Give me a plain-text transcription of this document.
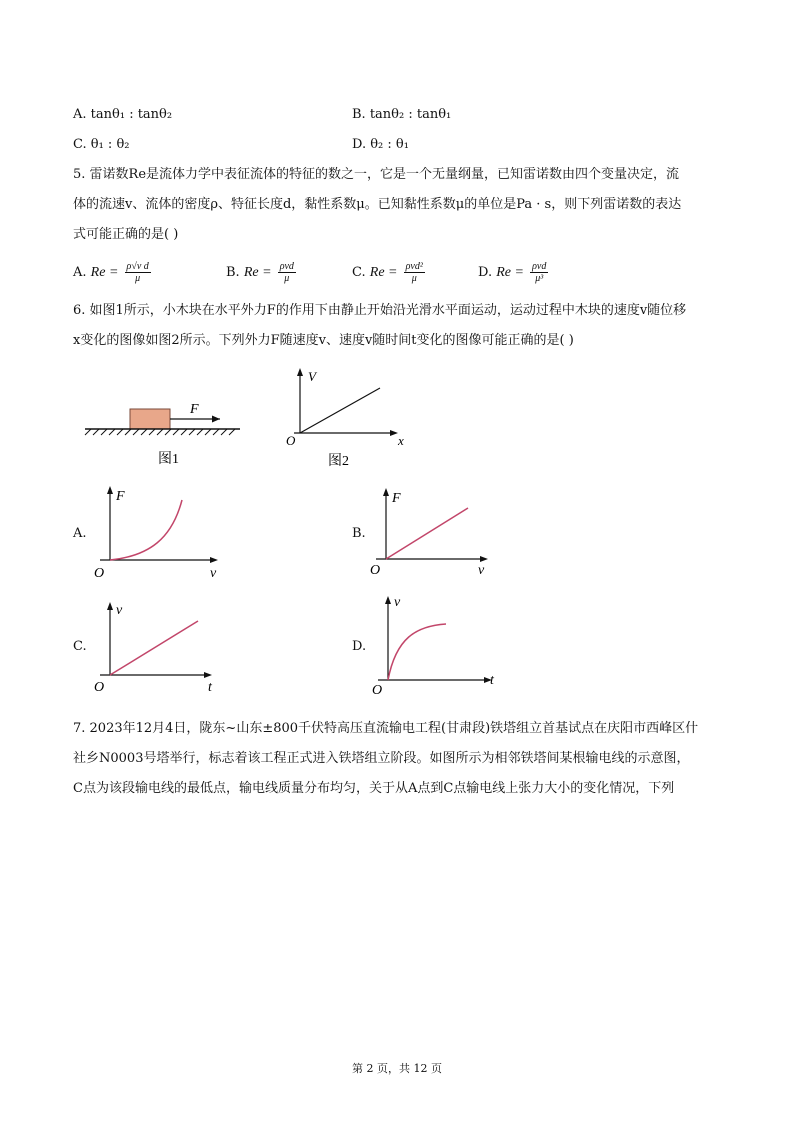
A. tanθ₁ : tanθ₂	B. tanθ₂ : tanθ₁
C. θ₁ : θ₂	D. θ₂ : θ₁
5. 雷诺数Re是流体力学中表征流体的特征的数之一，它是一个无量纲量，已知雷诺数由四个变量决定，流
体的流速v、流体的密度ρ、特征长度d，黏性系数μ。已知黏性系数μ的单位是Pa · s，则下列雷诺数的表达
式可能正确的是( )
A. $Re = \frac{\text{ρ√v d}}{\mu}$	B. $Re = \frac{\text{ρvd}}{\mu}$	C. $Re = \frac{\text{ρvd²}}{\mu}$	D. $Re = \frac{\text{ρvd}}{\text{μ³}}$
6. 如图1所示，小木块在水平外力F的作用下由静止开始沿光滑水平面运动，运动过程中木块的速度v随位移
x变化的图像如图2所示。下列外力F随速度v、速度v随时间t变化的图像可能正确的是( )
F
图1
V
x
O
图2
A.
F
v
O
B.
F
v
O
C.
v
t
O
D.
v
t
O
7. 2023年12月4日，陇东~山东±800千伏特高压直流输电工程(甘肃段)铁塔组立首基试点在庆阳市西峰区什
社乡N0003号塔举行，标志着该工程正式进入铁塔组立阶段。如图所示为相邻铁塔间某根输电线的示意图，
C点为该段输电线的最低点，输电线质量分布均匀，关于从A点到C点输电线上张力大小的变化情况，下列
第 2 页，共 12 页
